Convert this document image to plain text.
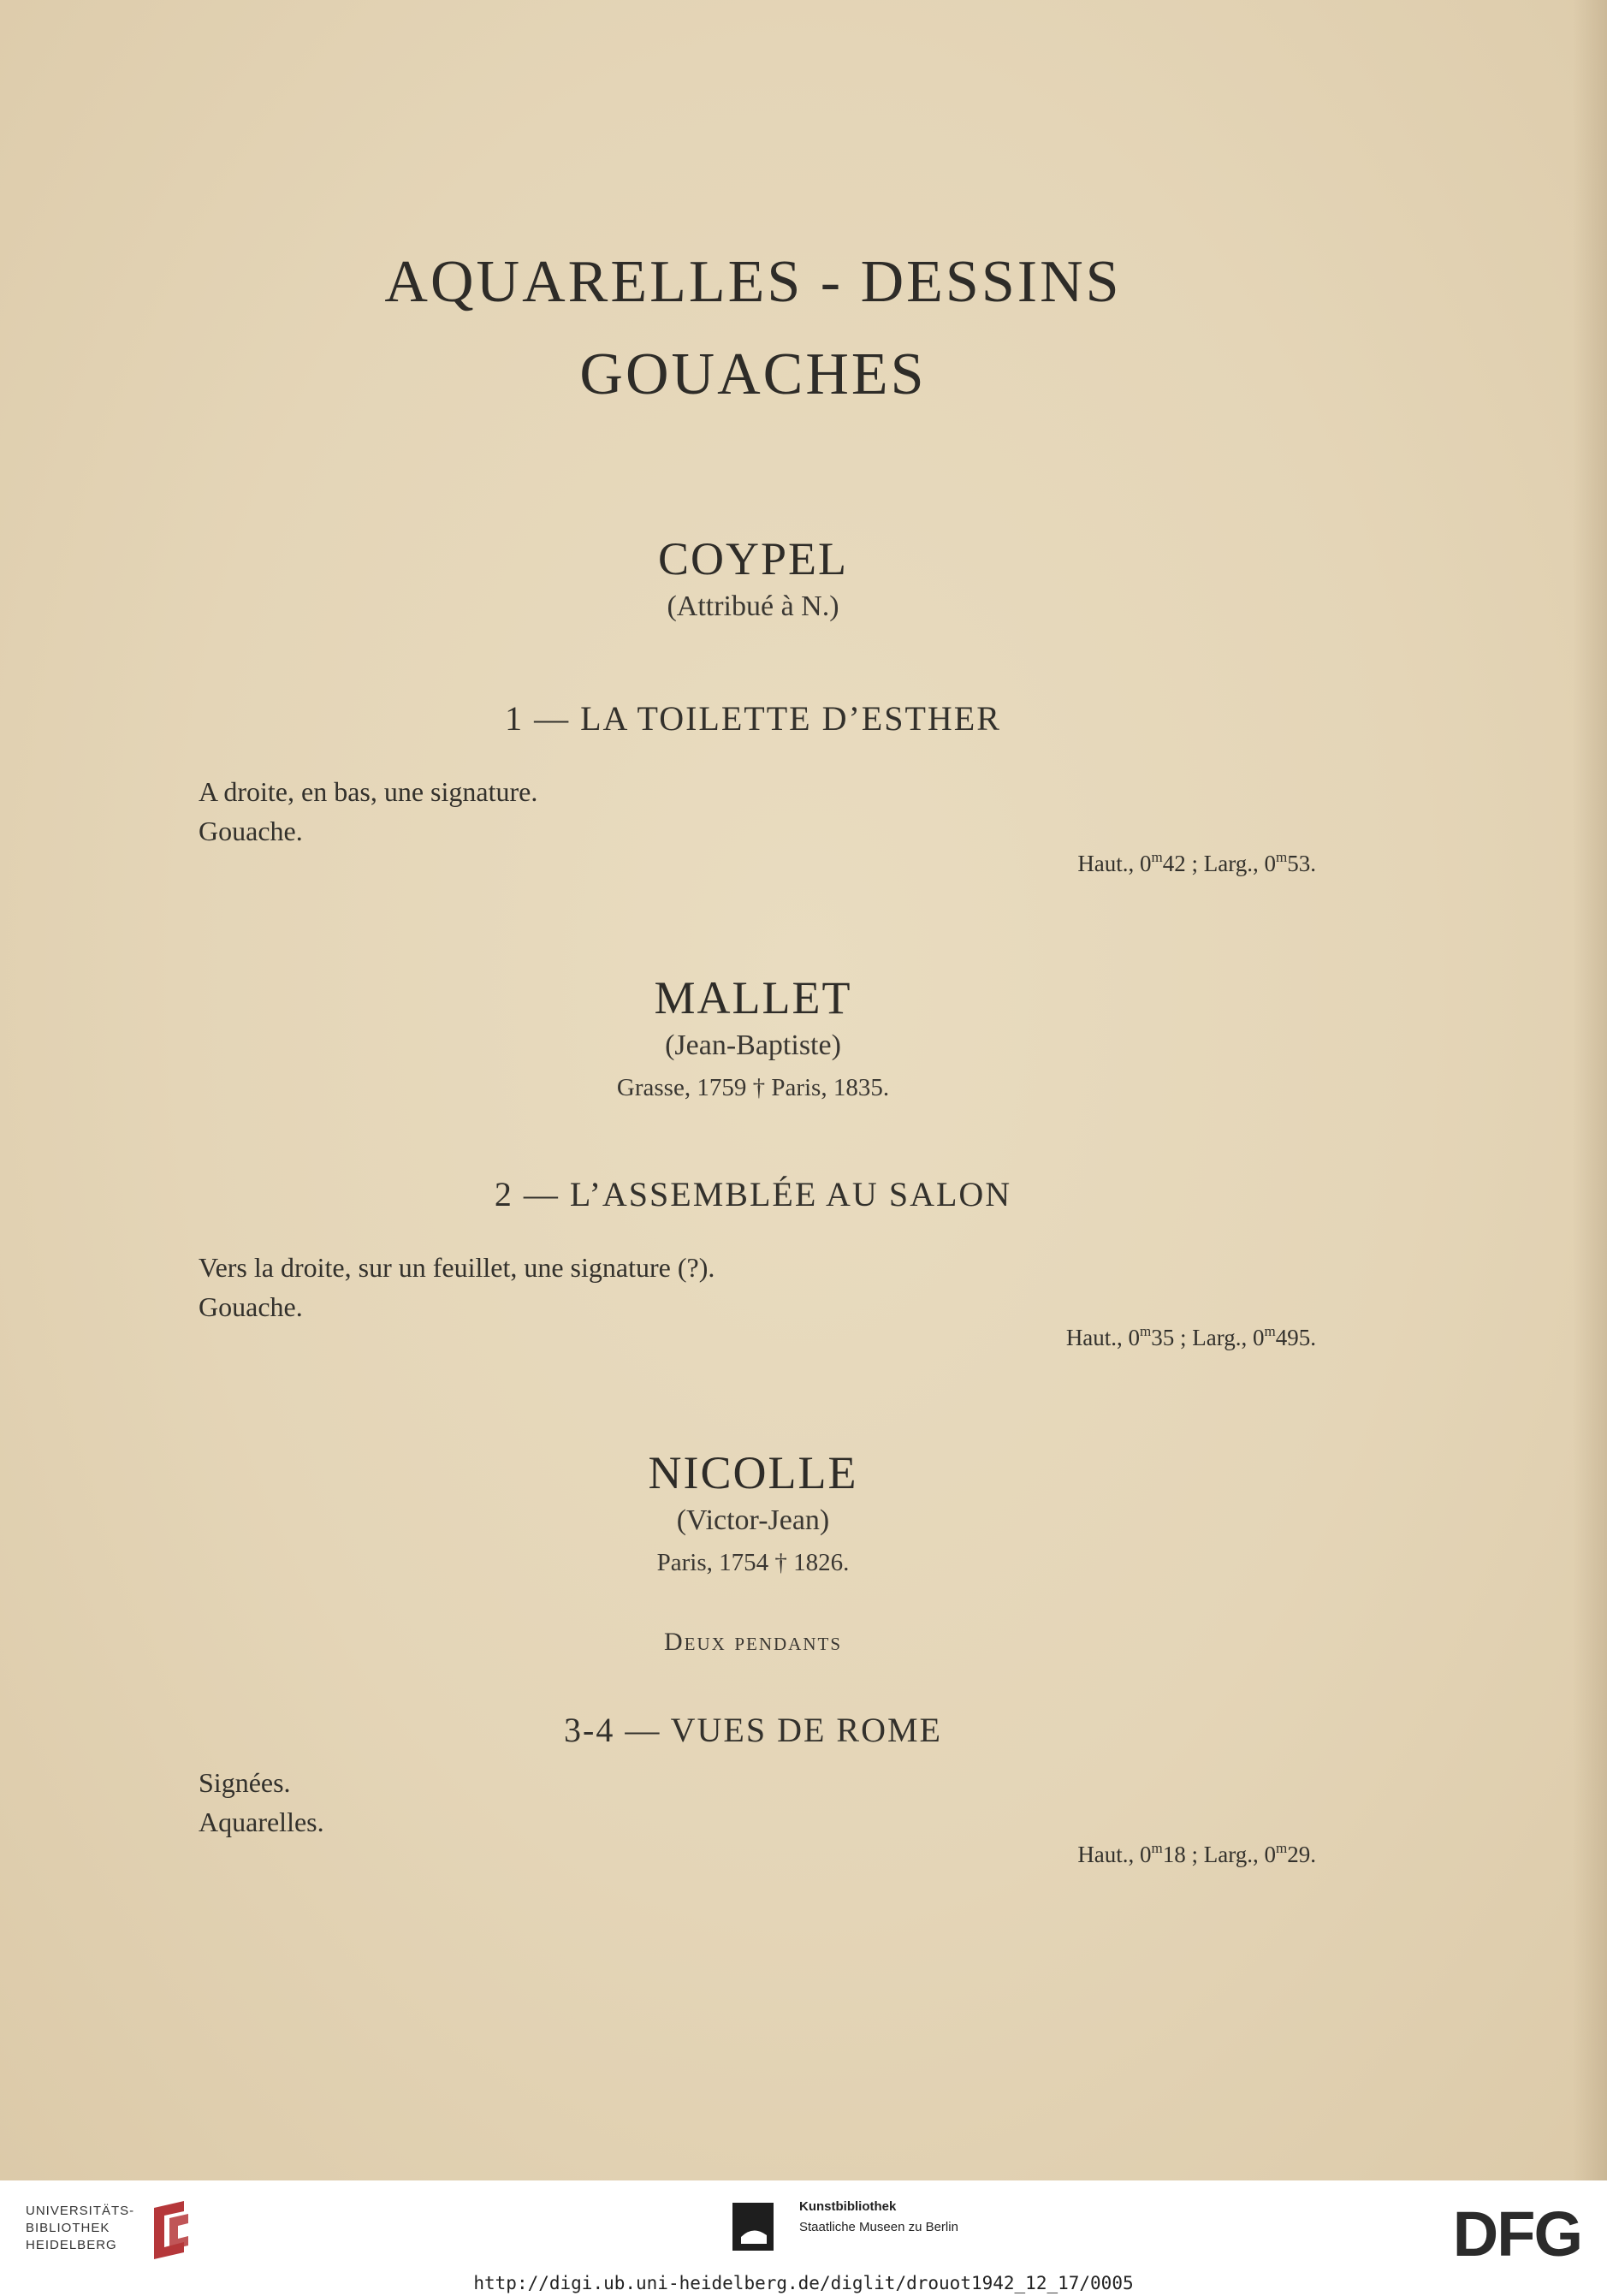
AQUARELLES - DESSINS
GOUACHES
COYPEL
(Attribué à N.)
1 — LA TOILETTE D’ESTHER
A droite, en bas, une signature.
Gouache.
Haut., 0$^m$42 ; Larg., 0$^m$53.
MALLET
(Jean-Baptiste)
Grasse, 1759 † Paris, 1835.
2 — L’ASSEMBLÉE AU SALON
Vers la droite, sur un feuillet, une signature (?).
Gouache.
Haut., 0$^m$35 ; Larg., 0$^m$495.
NICOLLE
(Victor-Jean)
Paris, 1754 † 1826.
Deux pendants
3-4 — VUES DE ROME
Signées.
Aquarelles.
Haut., 0$^m$18 ; Larg., 0$^m$29.
UNIVERSITÄTS-
BIBLIOTHEK
HEIDELBERG
Kunstbibliothek
Staatliche Museen zu Berlin	DFG
http://digi.ub.uni-heidelberg.de/diglit/drouot1942_12_17/0005
